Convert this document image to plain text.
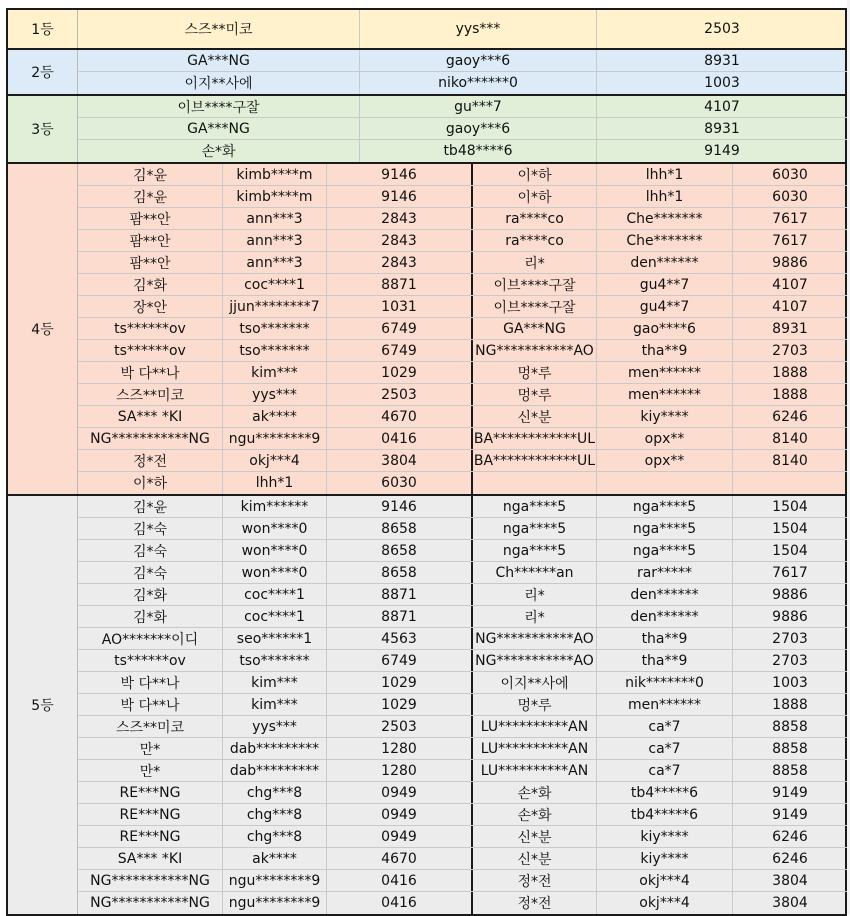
1등	스즈**미코	yys***	2503
2등
GA***NG	gaoy***6	8931
이지**사에	niko******0	1003
3등
이브****구잘	gu***7	4107
GA***NG	gaoy***6	8931
손*화	tb48****6	9149
4등
김*윤	kimb****m	9146	이*하	lhh*1	6030
김*윤	kimb****m	9146	이*하	lhh*1	6030
팜**안	ann***3	2843	ra****co	Che*******	7617
팜**안	ann***3	2843	ra****co	Che*******	7617
팜**안	ann***3	2843	리*	den******	9886
김*화	coc****1	8871	이브****구잘	gu4**7	4107
장*안	jjun********7	1031	이브****구잘	gu4**7	4107
ts******ov	tso*******	6749	GA***NG	gao****6	8931
ts******ov	tso*******	6749	NG***********AO	tha**9	2703
박 다**나	kim***	1029	멍*루	men******	1888
스즈**미코	yys***	2503	멍*루	men******	1888
SA*** *KI	ak****	4670	신*분	kiy****	6246
NG***********NG	ngu********9	0416	BA************UL	opx**	8140
정*전	okj***4	3804	BA************UL	opx**	8140
이*하	lhh*1	6030
5등
김*윤	kim******	9146	nga****5	nga****5	1504
김*숙	won****0	8658	nga****5	nga****5	1504
김*숙	won****0	8658	nga****5	nga****5	1504
김*숙	won****0	8658	Ch******an	rar*****	7617
김*화	coc****1	8871	리*	den******	9886
김*화	coc****1	8871	리*	den******	9886
AO*******이디	seo******1	4563	NG***********AO	tha**9	2703
ts******ov	tso*******	6749	NG***********AO	tha**9	2703
박 다**나	kim***	1029	이지**사에	nik*******0	1003
박 다**나	kim***	1029	멍*루	men******	1888
스즈**미코	yys***	2503	LU**********AN	ca*7	8858
만*	dab*********	1280	LU**********AN	ca*7	8858
만*	dab*********	1280	LU**********AN	ca*7	8858
RE***NG	chg***8	0949	손*화	tb4*****6	9149
RE***NG	chg***8	0949	손*화	tb4*****6	9149
RE***NG	chg***8	0949	신*분	kiy****	6246
SA*** *KI	ak****	4670	신*분	kiy****	6246
NG***********NG	ngu********9	0416	정*전	okj***4	3804
NG***********NG	ngu********9	0416	정*전	okj***4	3804
